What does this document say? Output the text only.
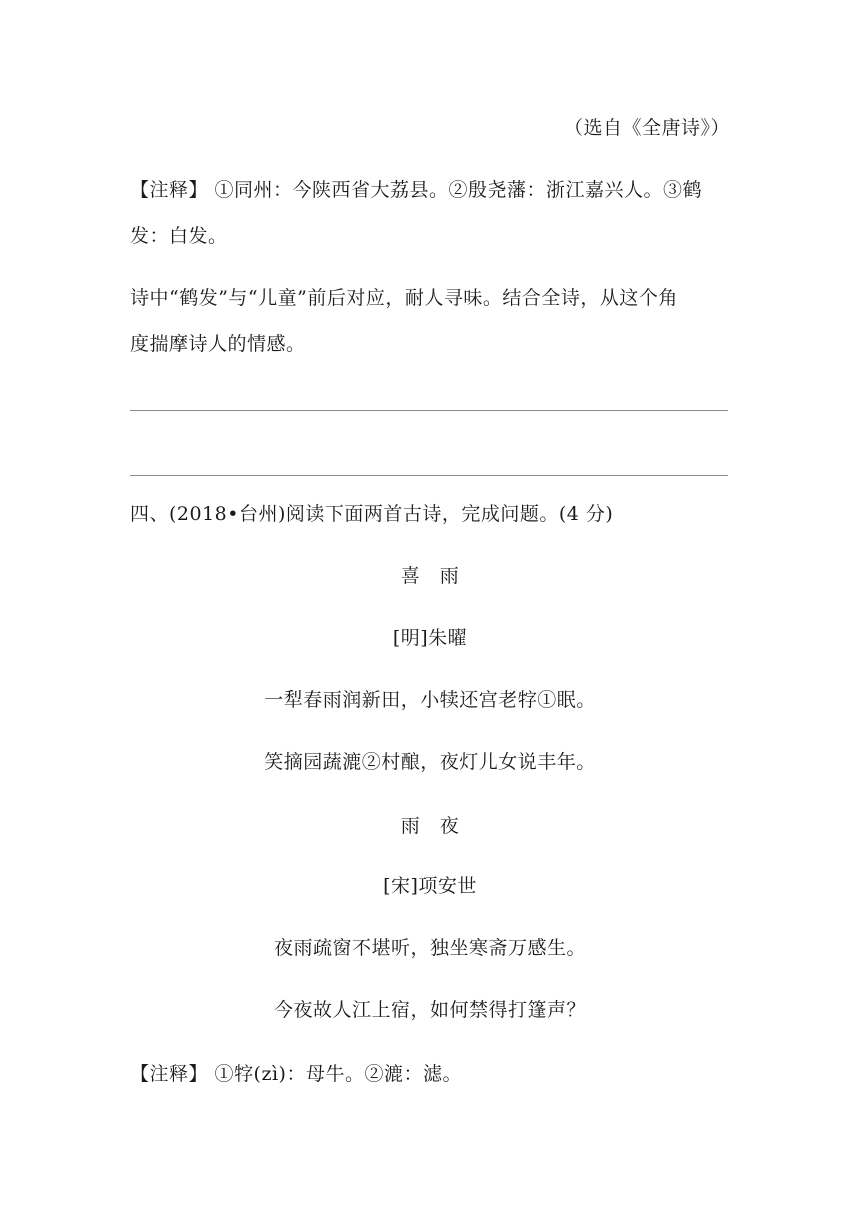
（选自《全唐诗》）
【注释】 ①同州：今陕西省大荔县。②殷尧藩：浙江嘉兴人。③鹤
发：白发。
诗中“鹤发”与“儿童”前后对应，耐人寻味。结合全诗，从这个角
度揣摩诗人的情感。
四、(2018•台州)阅读下面两首古诗，完成问题。(4 分)
喜　雨
[明]朱曜
一犁春雨润新田，小犊还宫老牸①眠。
笑摘园蔬漉②村酿，夜灯儿女说丰年。
雨　夜
[宋]项安世
夜雨疏窗不堪听，独坐寒斋万感生。
今夜故人江上宿，如何禁得打篷声？
【注释】 ①牸(zì)：母牛。②漉：滤。
